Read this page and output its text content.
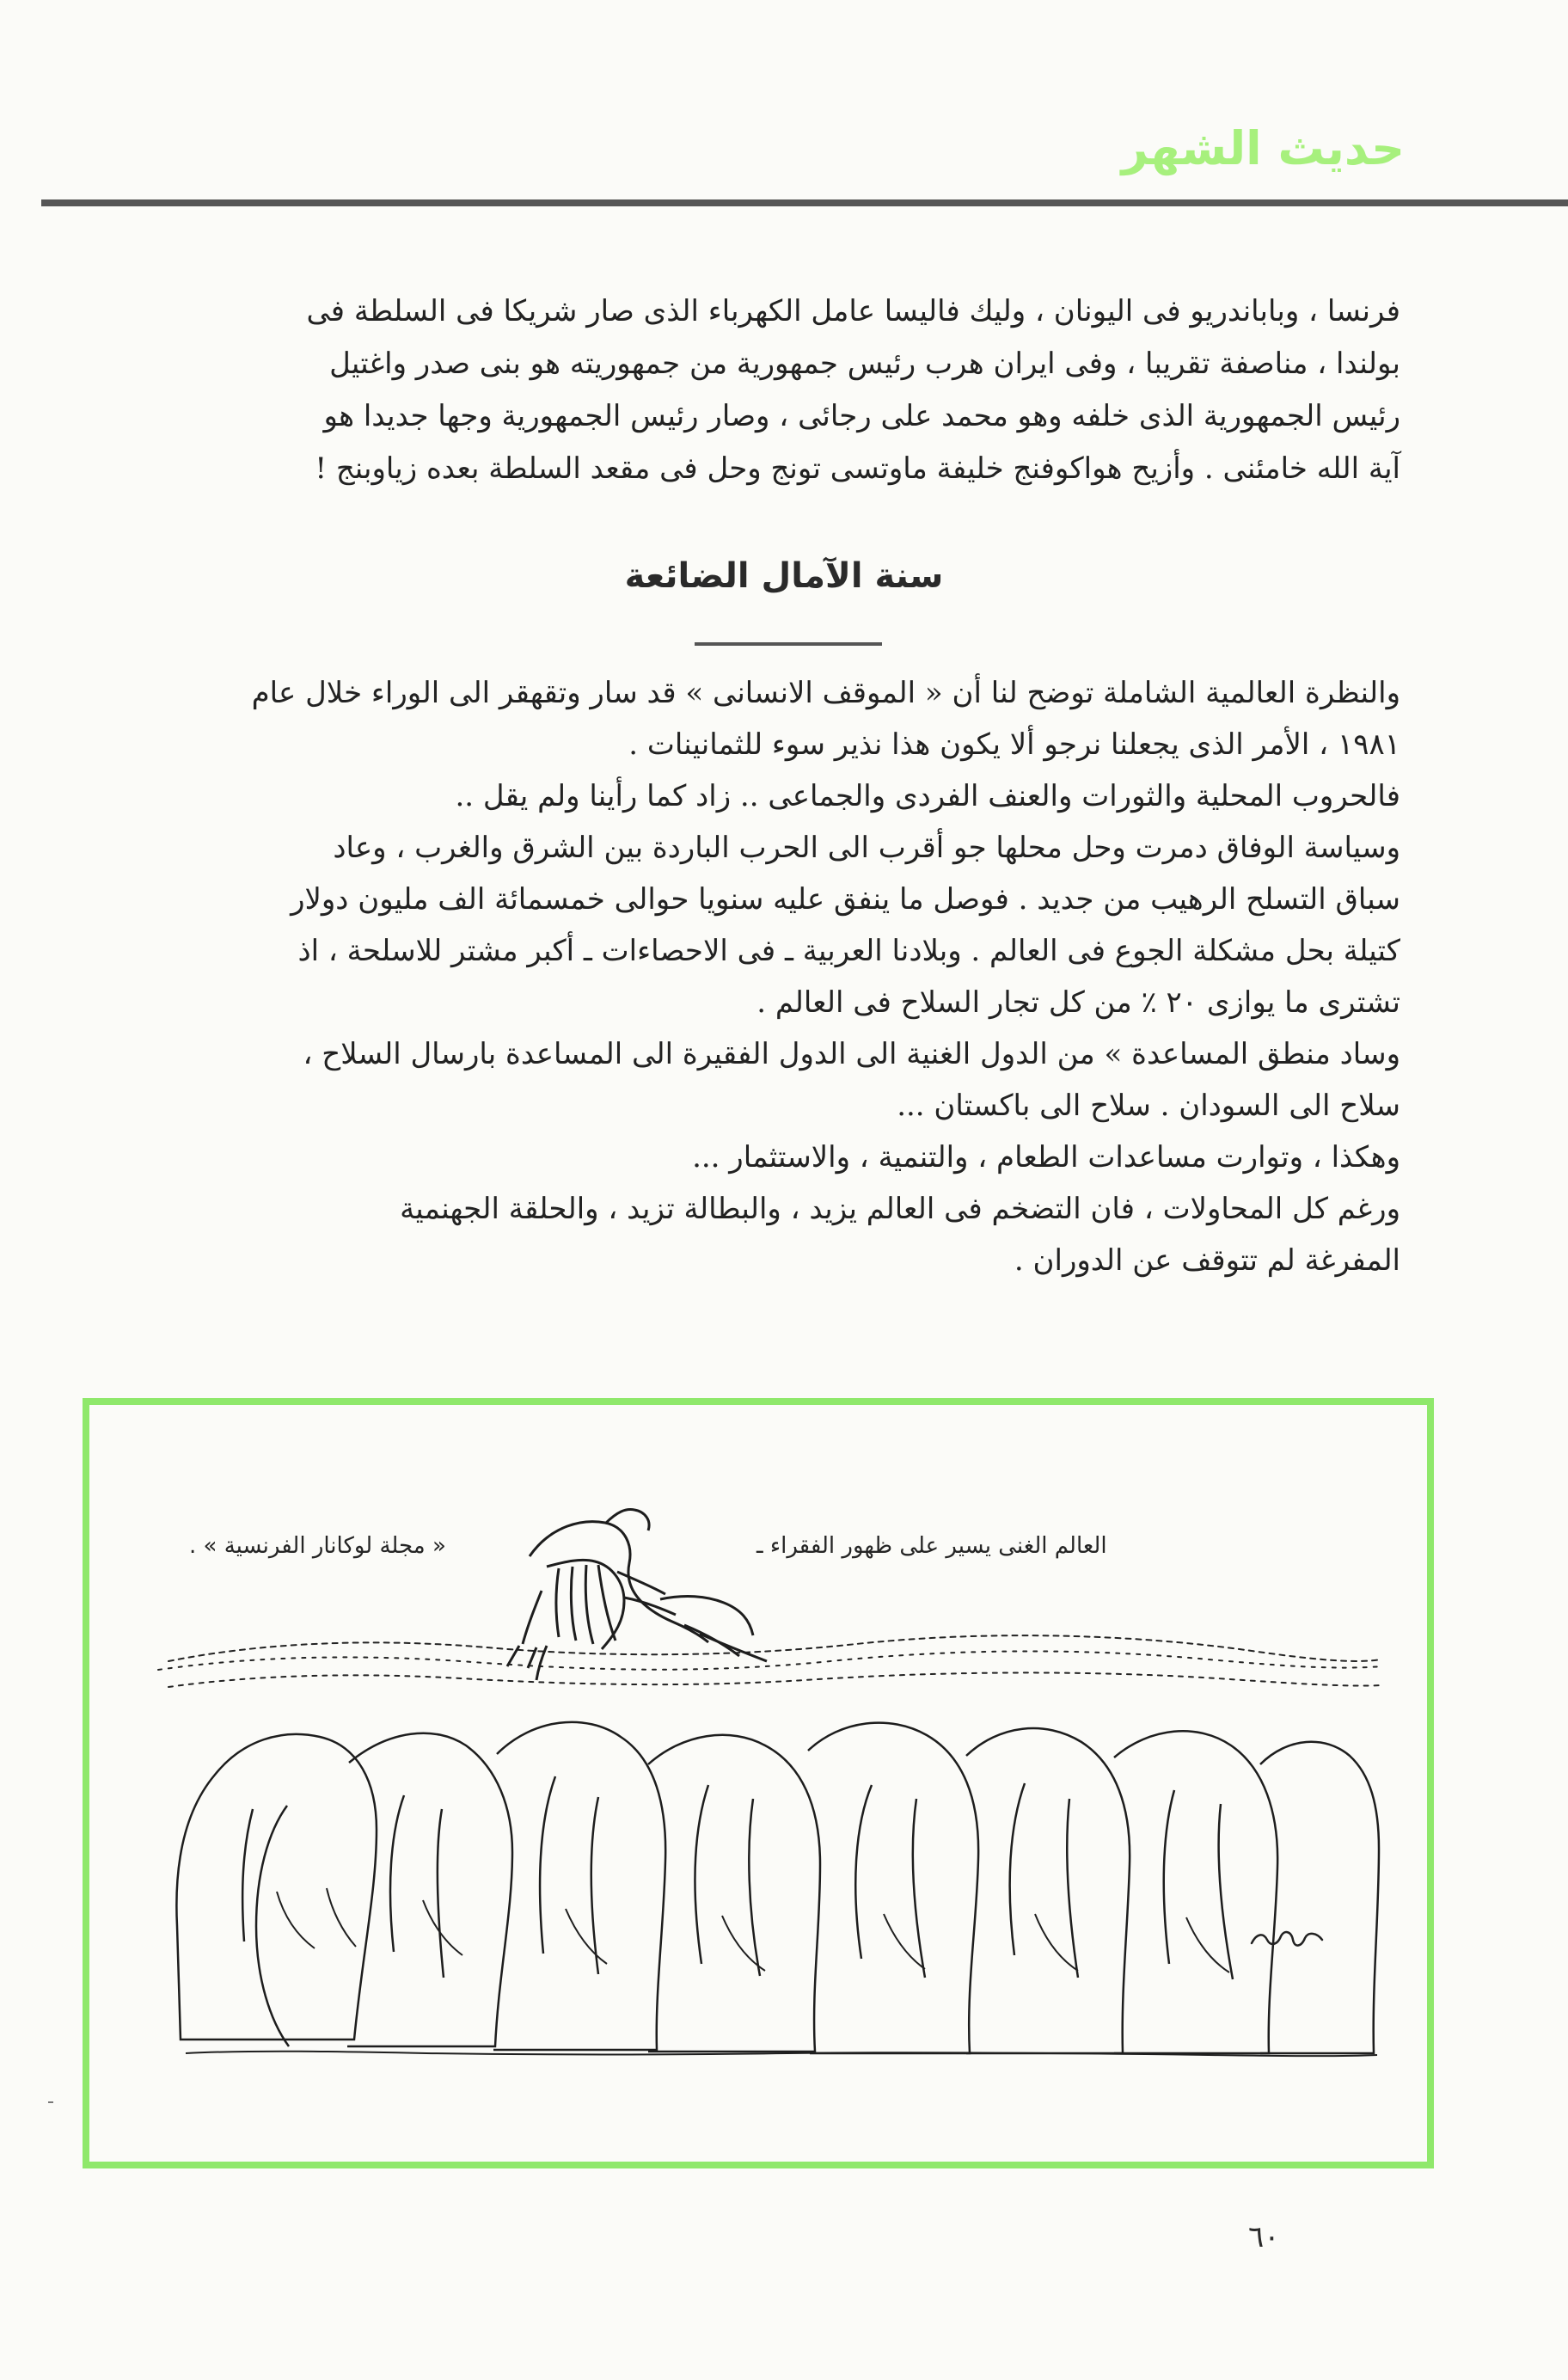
حديث الشهر
فرنسا ، وباباندريو فى اليونان ، وليك فاليسا عامل الكهرباء الذى صار شريكا فى السلطة فى
بولندا ، مناصفة تقريبا ، وفى ايران هرب رئيس جمهورية من جمهوريته هو بنى صدر واغتيل
رئيس الجمهورية الذى خلفه وهو محمد على رجائى ، وصار رئيس الجمهورية وجها جديدا هو
آية الله خامئنى . وأزيح هواكوفنج خليفة ماوتسى تونج وحل فى مقعد السلطة بعده زياوبنج !
سنة الآمال الضائعة
والنظرة العالمية الشاملة توضح لنا أن « الموقف الانسانى » قد سار وتقهقر الى الوراء خلال عام
١٩٨١ ، الأمر الذى يجعلنا نرجو ألا يكون هذا نذير سوء للثمانينات .
فالحروب المحلية والثورات والعنف الفردى والجماعى .. زاد كما رأينا ولم يقل ..
وسياسة الوفاق دمرت وحل محلها جو أقرب الى الحرب الباردة بين الشرق والغرب ، وعاد
سباق التسلح الرهيب من جديد . فوصل ما ينفق عليه سنويا حوالى خمسمائة الف مليون دولار
كتيلة بحل مشكلة الجوع فى العالم . وبلادنا العربية ـ فى الاحصاءات ـ أكبر مشتر للاسلحة ، اذ
تشترى ما يوازى ٢٠ ٪ من كل تجار السلاح فى العالم .
وساد منطق المساعدة » من الدول الغنية الى الدول الفقيرة الى المساعدة بارسال السلاح ،
سلاح الى السودان . سلاح الى باكستان ...
وهكذا ، وتوارت مساعدات الطعام ، والتنمية ، والاستثمار ...
ورغم كل المحاولات ، فان التضخم فى العالم يزيد ، والبطالة تزيد ، والحلقة الجهنمية
المفرغة لم تتوقف عن الدوران .
العالم الغنى يسير على ظهور الفقراء ـ
« مجلة لوكانار الفرنسية » .
٦٠
